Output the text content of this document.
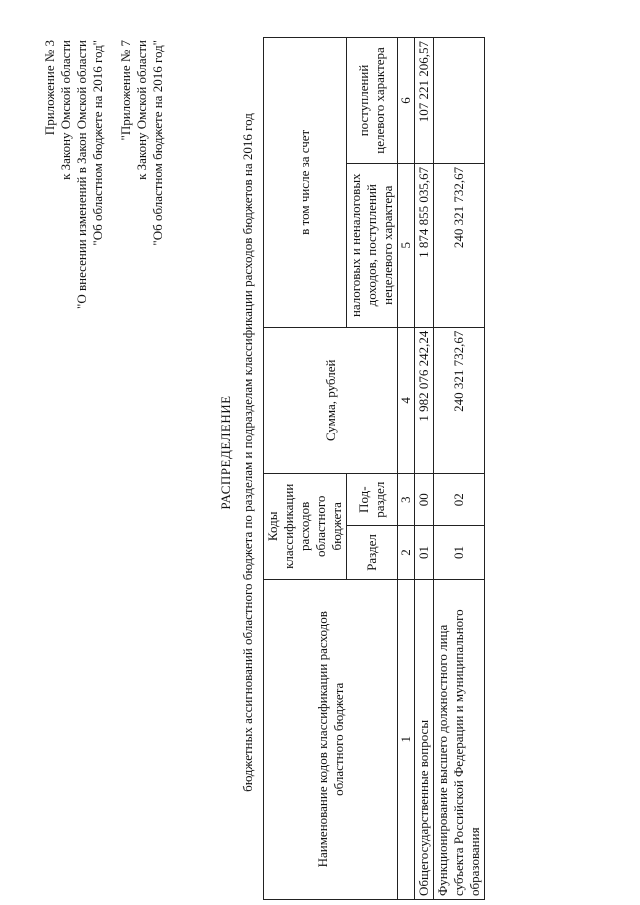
Приложение № 3 к Закону Омской области "О внесении изменений в Закон Омской области "Об областном бюджете на 2016 год" "Приложение № 7 к Закону Омской области "Об областном бюджете на 2016 год"
РАСПРЕДЕЛЕНИЕ бюджетных ассигнований областного бюджета по разделам и подразделам классификации расходов бюджетов на 2016 год	Наименование кодов классификации расходов областного бюджета	Коды классификации расходов областного бюджета		Сумма, рублей	в том числе за счет	
	Раздел	Под-раздел		налоговых и неналоговых доходов, поступлений нецелевого характера	поступлений целевого характера

1	2	3	4	5	6
Общегосударственные вопросы	01	00	1 982 076 242,24	1 874 855 035,67	107 221 206,57
Функционирование высшего должностного лица субъекта Российской Федерации и муниципального образования	01	02	240 321 732,67	240 321 732,67	
